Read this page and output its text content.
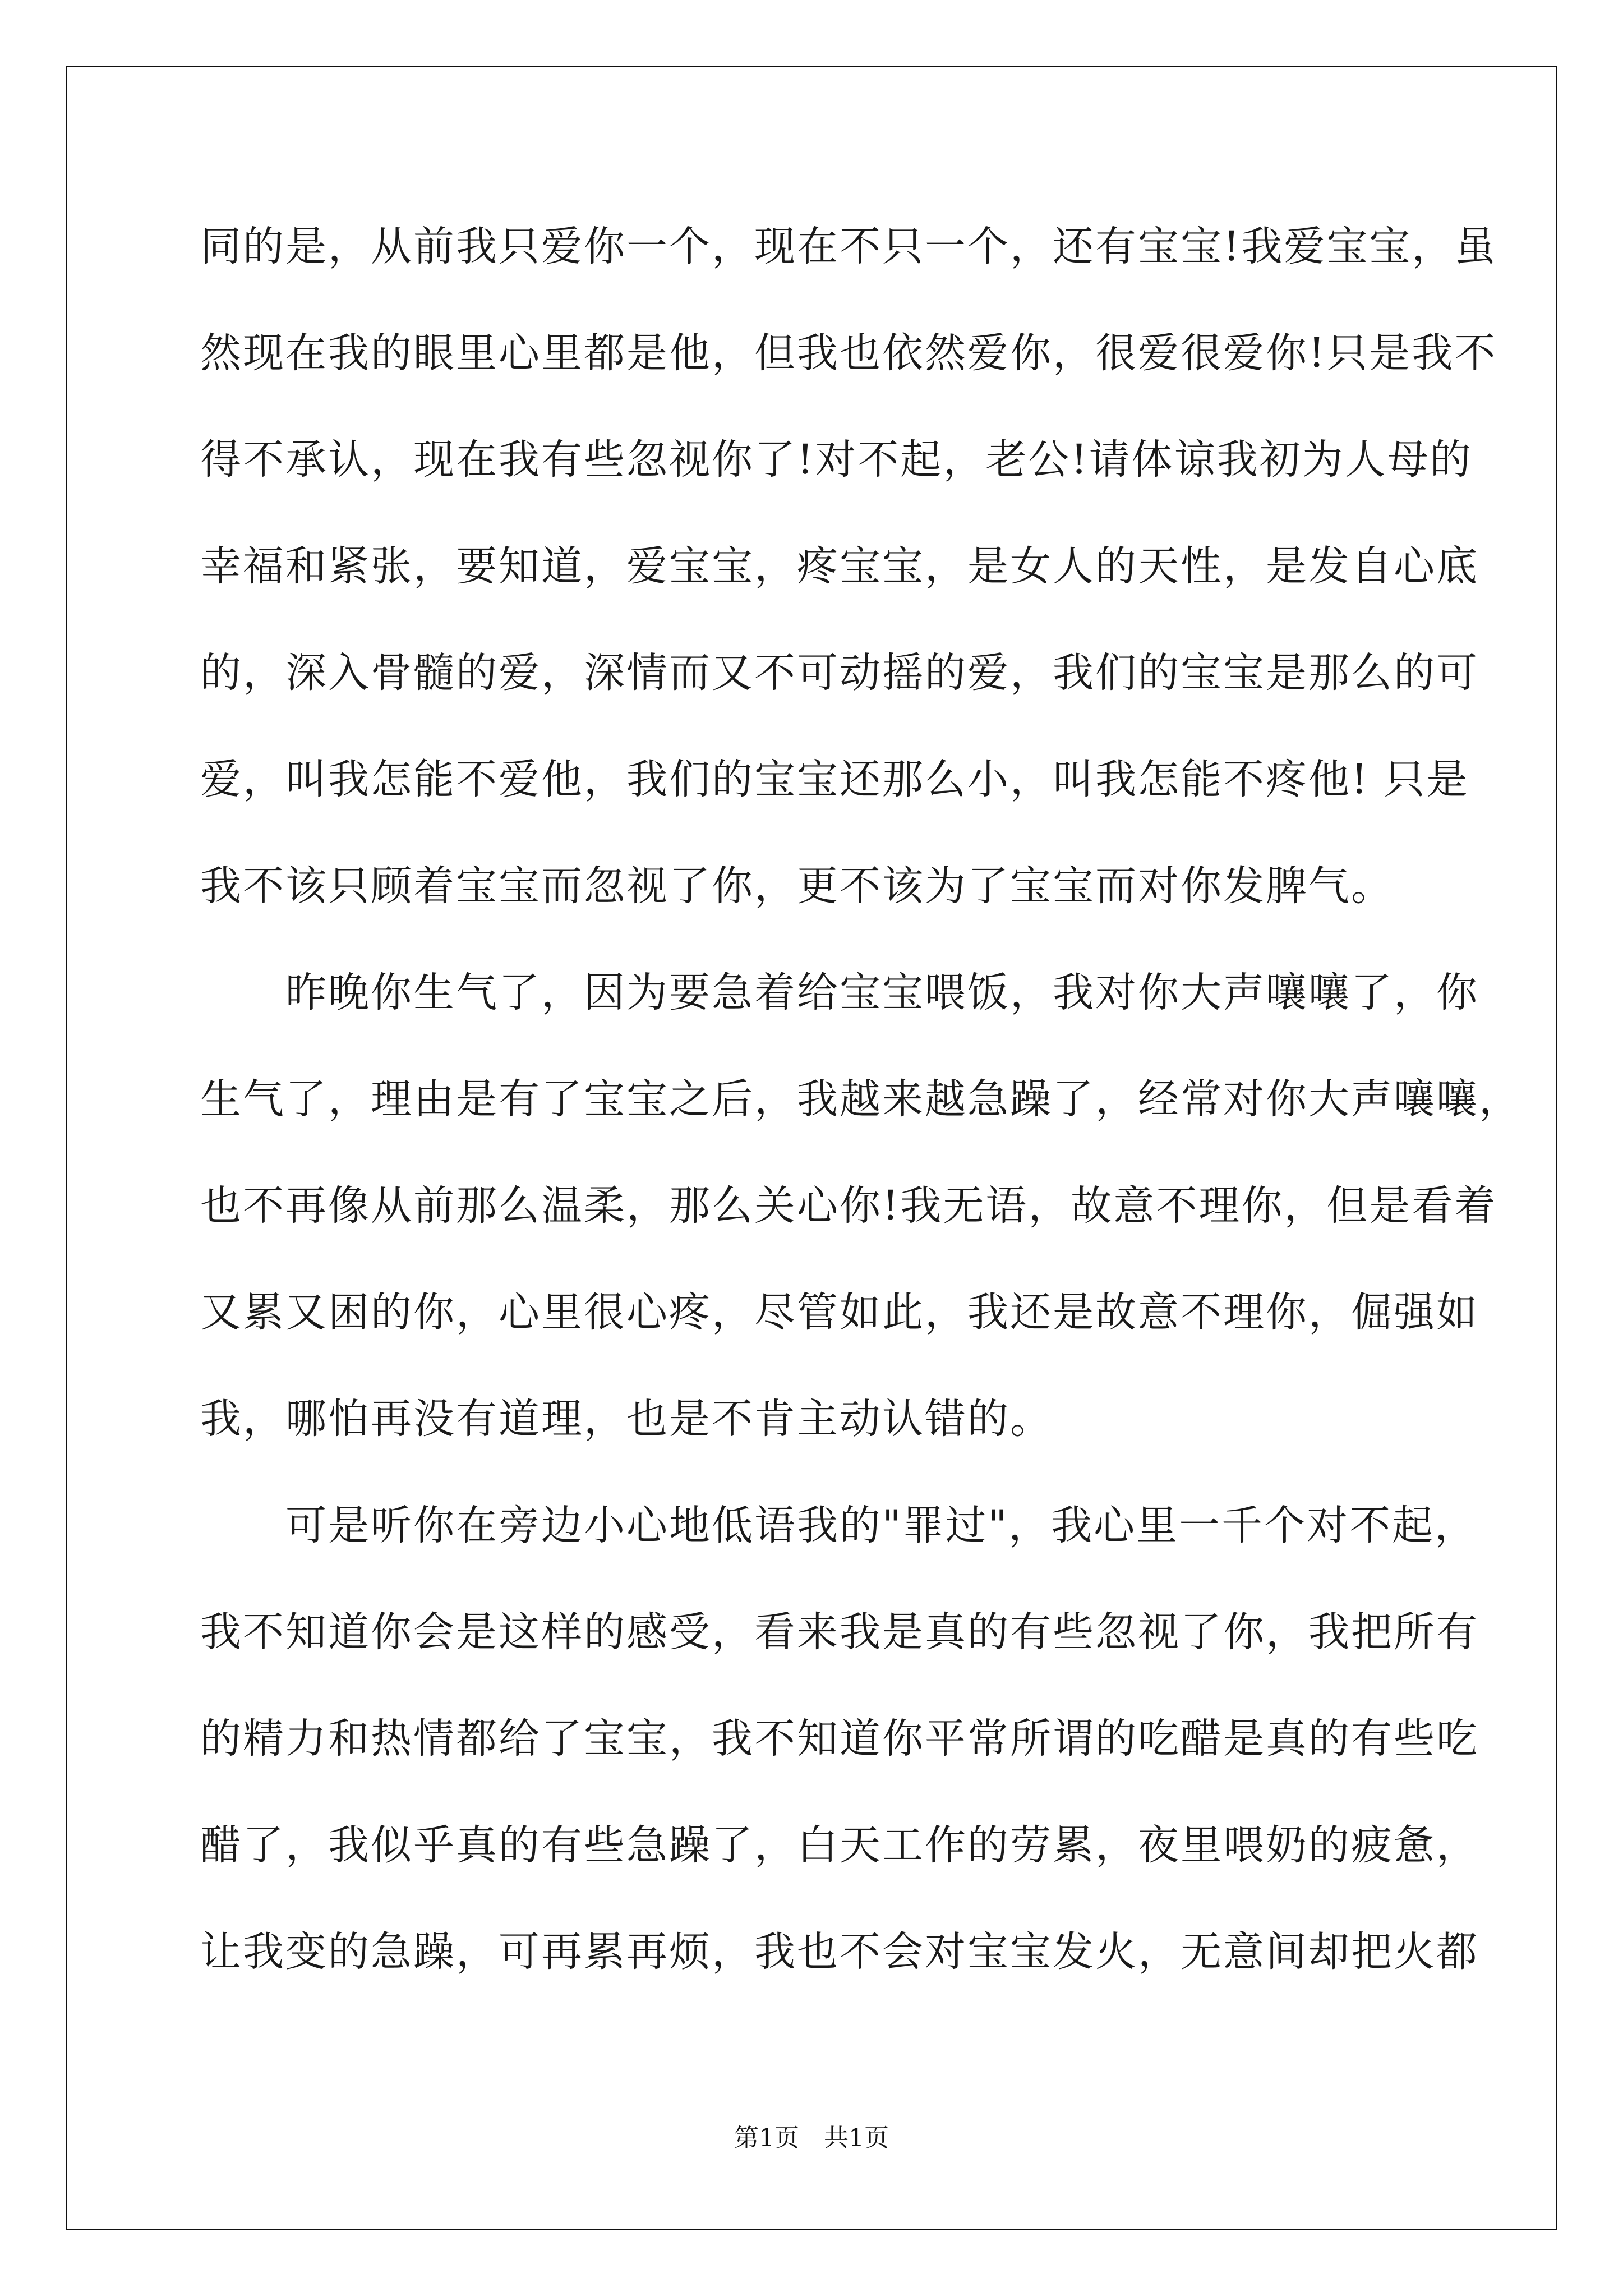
同的是，从前我只爱你一个，现在不只一个，还有宝宝!我爱宝宝，虽

然现在我的眼里心里都是他，但我也依然爱你，很爱很爱你!只是我不

得不承认，现在我有些忽视你了!对不起，老公!请体谅我初为人母的

幸福和紧张，要知道，爱宝宝，疼宝宝，是女人的天性，是发自心底

的，深入骨髓的爱，深情而又不可动摇的爱，我们的宝宝是那么的可

爱，叫我怎能不爱他，我们的宝宝还那么小，叫我怎能不疼他! 只是

我不该只顾着宝宝而忽视了你，更不该为了宝宝而对你发脾气。

　　昨晚你生气了，因为要急着给宝宝喂饭，我对你大声嚷嚷了，你

生气了，理由是有了宝宝之后，我越来越急躁了，经常对你大声嚷嚷，

也不再像从前那么温柔，那么关心你!我无语，故意不理你，但是看着

又累又困的你，心里很心疼，尽管如此，我还是故意不理你，倔强如

我，哪怕再没有道理，也是不肯主动认错的。

　　可是听你在旁边小心地低语我的"罪过"，我心里一千个对不起，

我不知道你会是这样的感受，看来我是真的有些忽视了你，我把所有

的精力和热情都给了宝宝，我不知道你平常所谓的吃醋是真的有些吃

醋了，我似乎真的有些急躁了，白天工作的劳累，夜里喂奶的疲惫，

让我变的急躁，可再累再烦，我也不会对宝宝发火，无意间却把火都

第1页　共1页
